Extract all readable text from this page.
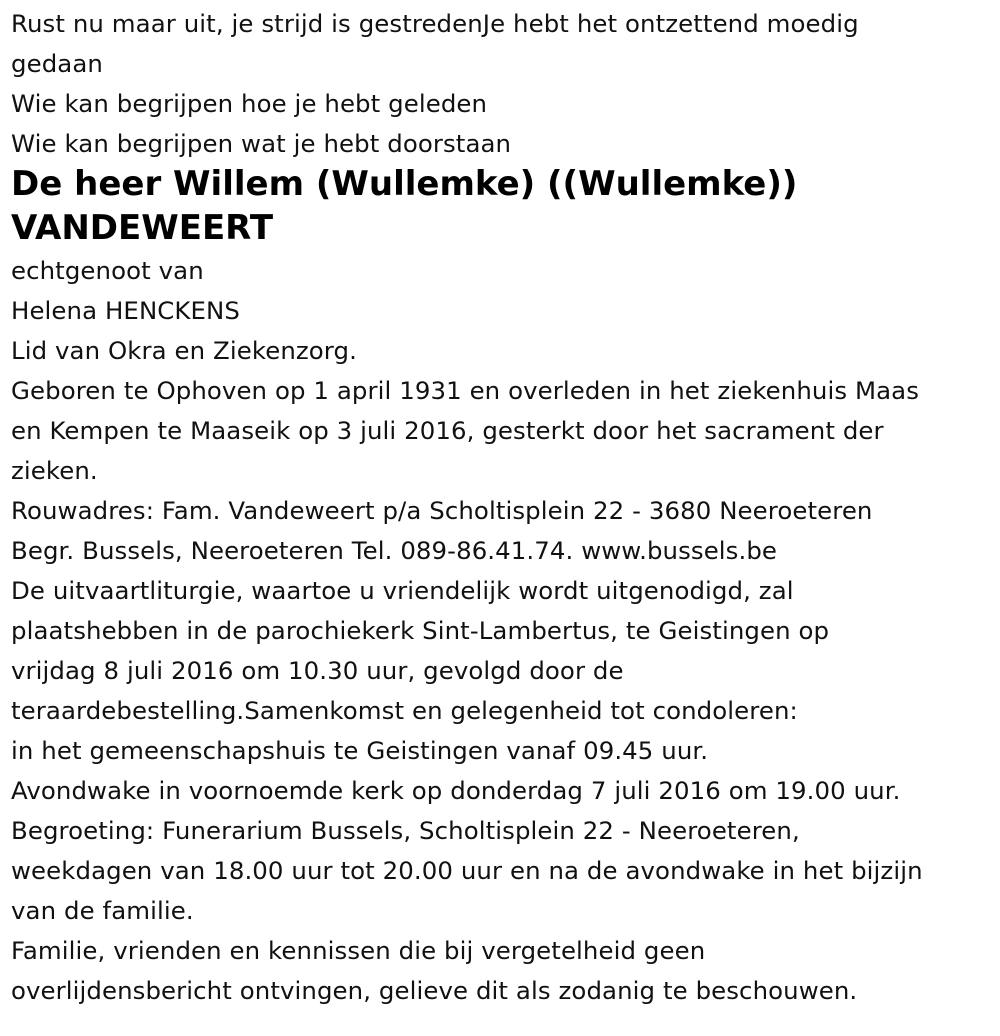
Rust nu maar uit, je strijd is gestredenJe hebt het ontzettend moedig
gedaan
Wie kan begrijpen hoe je hebt geleden
Wie kan begrijpen wat je hebt doorstaan
De heer Willem (Wullemke) ((Wullemke))
VANDEWEERT
echtgenoot van
Helena HENCKENS
Lid van Okra en Ziekenzorg.
Geboren te Ophoven op 1 april 1931 en overleden in het ziekenhuis Maas
en Kempen te Maaseik op 3 juli 2016, gesterkt door het sacrament der
zieken.
Rouwadres: Fam. Vandeweert p/a Scholtisplein 22 - 3680 Neeroeteren
Begr. Bussels, Neeroeteren Tel. 089-86.41.74. www.bussels.be
De uitvaartliturgie, waartoe u vriendelijk wordt uitgenodigd, zal
plaatshebben in de parochiekerk Sint-Lambertus, te Geistingen op
vrijdag 8 juli 2016 om 10.30 uur, gevolgd door de
teraardebestelling.Samenkomst en gelegenheid tot condoleren:
in het gemeenschapshuis te Geistingen vanaf 09.45 uur.
Avondwake in voornoemde kerk op donderdag 7 juli 2016 om 19.00 uur.
Begroeting: Funerarium Bussels, Scholtisplein 22 - Neeroeteren,
weekdagen van 18.00 uur tot 20.00 uur en na de avondwake in het bijzijn
van de familie.
Familie, vrienden en kennissen die bij vergetelheid geen
overlijdensbericht ontvingen, gelieve dit als zodanig te beschouwen.
